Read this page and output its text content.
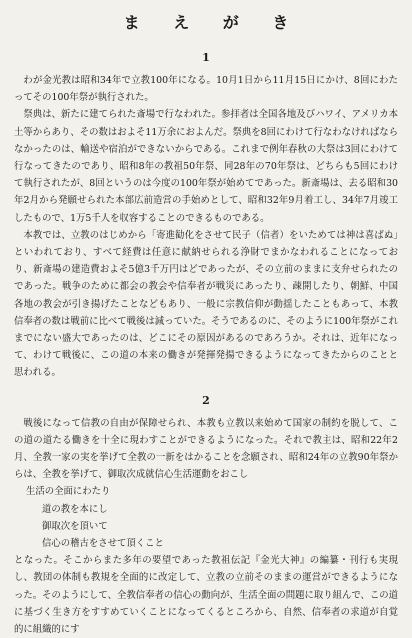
ま え が き
1

わが金光教は昭和34年で立教100年になる。10月1日から11月15日にかけ、8回にわたってその100年祭が執行された。

祭典は、新たに建てられた斎場で行なわれた。参拝者は全国各地及びハワイ、アメリカ本土等からあり、その数はおよそ11万余におよんだ。祭典を8回にわけて行なわなければならなかったのは、輸送や宿泊ができないからである。これまで例年春秋の大祭は3回にわけて行なってきたのであり、昭和8年の教祖50年祭、同28年の70年祭は、どちらも5回にわけて執行されたが、8回というのは今度の100年祭が始めてであった。新斎場は、去る昭和30年2月から発願せられた本部広前造営の手始めとして、昭和32年9月着工し、34年7月竣工したもので、1万5千人を収容することのできるものである。

本教では、立教のはじめから「寄進勧化をさせて民子（信者）をいためては神は喜ばぬ」といわれており、すべて経費は任意に献納せられる浄財でまかなわれることになっており、新斎場の建造費およそ5億3千万円はどであったが、その立前のままに支弁せられたのであった。戦争のために都会の教会や信奉者が戦災にあったり、疎開したり、朝鮮、中国各地の教会が引き揚げたことなどもあり、一般に宗教信仰が動揺したこともあって、本教信奉者の数は戦前に比べて戦後は減っていた。そうであるのに、そのように100年祭がこれまでにない盛大であったのは、どこにその原因があるのであろうか。それは、近年になって、わけて戦後に、この道の本来の働きが発揮発揚できるようになってきたからのことと思われる。

2

戦後になって信教の自由が保障せられ、本教も立教以来始めて国家の制約を脱して、この道の道たる働きを十全に現わすことができるようになった。それで教主は、昭和22年2月、全教一家の実を挙げて全教の一新をはかることを念願され、昭和24年の立教90年祭からは、全教を挙げて、御取次成就信心生活運動をおこし

生活の全面にわたり
道の教を本にし
御取次を頂いて
信心の稽古をさせて頂くこと

となった。そこからまた多年の要望であった教祖伝記『金光大神』の編纂・刊行も実現し、教団の体制も教規を全面的に改定して、立教の立前そのままの運営ができるようになった。そのようにして、全教信奉者の信心の動向が、生活全面の問題に取り組んで、この道に基づく生き方をすすめていくことになってくるところから、自然、信奉者の求道が自覚的に組織的にす
